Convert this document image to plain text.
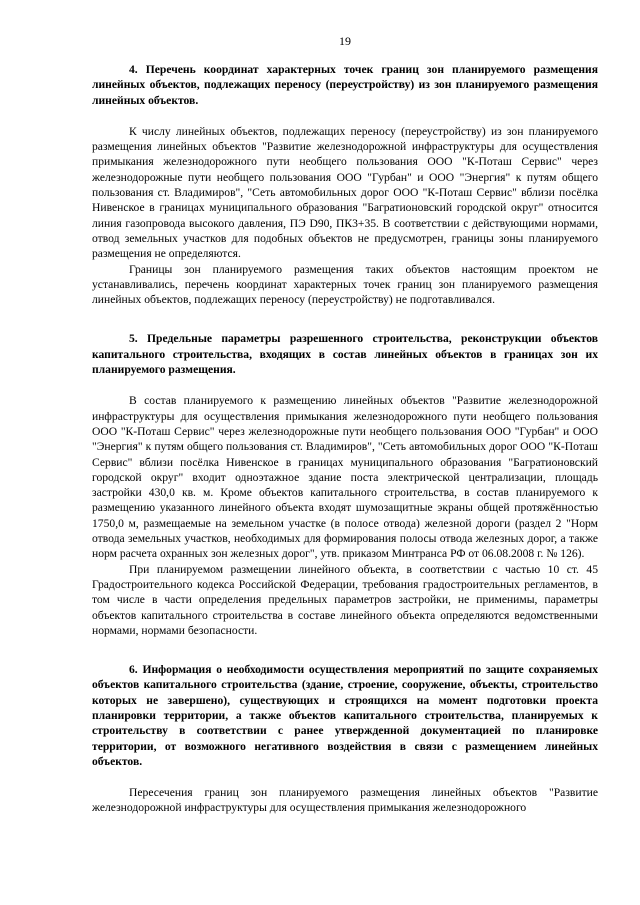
19

4. Перечень координат характерных точек границ зон планируемого размещения линейных объектов, подлежащих переносу (переустройству) из зон планируемого размещения линейных объектов.

К числу линейных объектов, подлежащих переносу (переустройству) из зон планируемого размещения линейных объектов "Развитие железнодорожной инфраструктуры для осуществления примыкания железнодорожного пути необщего пользования ООО "К-Поташ Сервис" через железнодорожные пути необщего пользования ООО "Гурбан" и ООО "Энергия" к путям общего пользования ст. Владимиров", "Сеть автомобильных дорог ООО "К-Поташ Сервис" вблизи посёлка Нивенское в границах муниципального образования "Багратионовский городской округ" относится линия газопровода высокого давления, ПЭ D90, ПК3+35. В соответствии с действующими нормами, отвод земельных участков для подобных объектов не предусмотрен, границы зоны планируемого размещения не определяются.

Границы зон планируемого размещения таких объектов настоящим проектом не устанавливались, перечень координат характерных точек границ зон планируемого размещения линейных объектов, подлежащих переносу (переустройству) не подготавливался.

5. Предельные параметры разрешенного строительства, реконструкции объектов капитального строительства, входящих в состав линейных объектов в границах зон их планируемого размещения.

В состав планируемого к размещению линейных объектов "Развитие железнодорожной инфраструктуры для осуществления примыкания железнодорожного пути необщего пользования ООО "К-Поташ Сервис" через железнодорожные пути необщего пользования ООО "Гурбан" и ООО "Энергия" к путям общего пользования ст. Владимиров", "Сеть автомобильных дорог ООО "К-Поташ Сервис" вблизи посёлка Нивенское в границах муниципального образования "Багратионовский городской округ" входит одноэтажное здание поста электрической централизации, площадь застройки 430,0 кв. м. Кроме объектов капитального строительства, в состав планируемого к размещению указанного линейного объекта входят шумозащитные экраны общей протяжённостью 1750,0 м, размещаемые на земельном участке (в полосе отвода) железной дороги (раздел 2 "Норм отвода земельных участков, необходимых для формирования полосы отвода железных дорог, а также норм расчета охранных зон железных дорог", утв. приказом Минтранса РФ от 06.08.2008 г. № 126).

При планируемом размещении линейного объекта, в соответствии с частью 10 ст. 45 Градостроительного кодекса Российской Федерации, требования градостроительных регламентов, в том числе в части определения предельных параметров застройки, не применимы, параметры объектов капитального строительства в составе линейного объекта определяются ведомственными нормами, нормами безопасности.

6. Информация о необходимости осуществления мероприятий по защите сохраняемых объектов капитального строительства (здание, строение, сооружение, объекты, строительство которых не завершено), существующих и строящихся на момент подготовки проекта планировки территории, а также объектов капитального строительства, планируемых к строительству в соответствии с ранее утвержденной документацией по планировке территории, от возможного негативного воздействия в связи с размещением линейных объектов.

Пересечения границ зон планируемого размещения линейных объектов "Развитие железнодорожной инфраструктуры для осуществления примыкания железнодорожного
